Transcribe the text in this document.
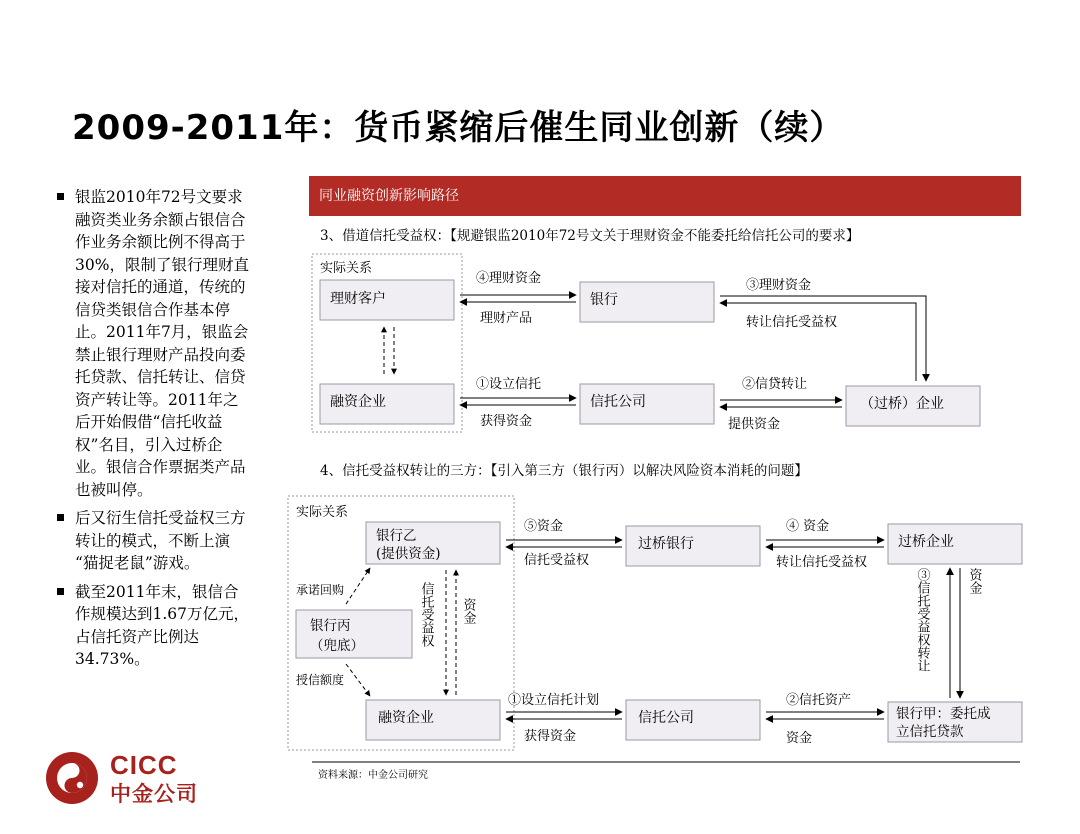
2009-2011年：货币紧缩后催生同业创新（续）
银监2010年72号文要求
融资类业务余额占银信合
作业务余额比例不得高于
30%，限制了银行理财直
接对信托的通道，传统的
信贷类银信合作基本停
止。2011年7月，银监会
禁止银行理财产品投向委
托贷款、信托转让、信贷
资产转让等。2011年之
后开始假借“信托收益
权”名目，引入过桥企
业。银信合作票据类产品
也被叫停。
后又衍生信托受益权三方
转让的模式，不断上演
“猫捉老鼠”游戏。
截至2011年末，银信合
作规模达到1.67万亿元，
占信托资产比例达
34.73%。
同业融资创新影响路径
3、借道信托受益权：【规避银监2010年72号文关于理财资金不能委托给信托公司的要求】
实际关系
理财客户	银行
融资企业	信托公司	（过桥）企业
④理财资金
理财产品
③理财资金
转让信托受益权
①设立信托
获得资金
②信贷转让
提供资金
4、信托受益权转让的三方：【引入第三方（银行丙）以解决风险资本消耗的问题】
实际关系
银行乙
(提供资金)
银行丙
（兜底）
融资企业
承诺回购
授信额度
信托受益权 资金
过桥银行	过桥企业
信托公司	银行甲：委托成
立信托贷款
⑤资金
信托受益权
④ 资金
转让信托受益权
③信托受益权转让	资金
①设立信托计划
获得资金
②信托资产
资金
资料来源：中金公司研究
CICC
中金公司
